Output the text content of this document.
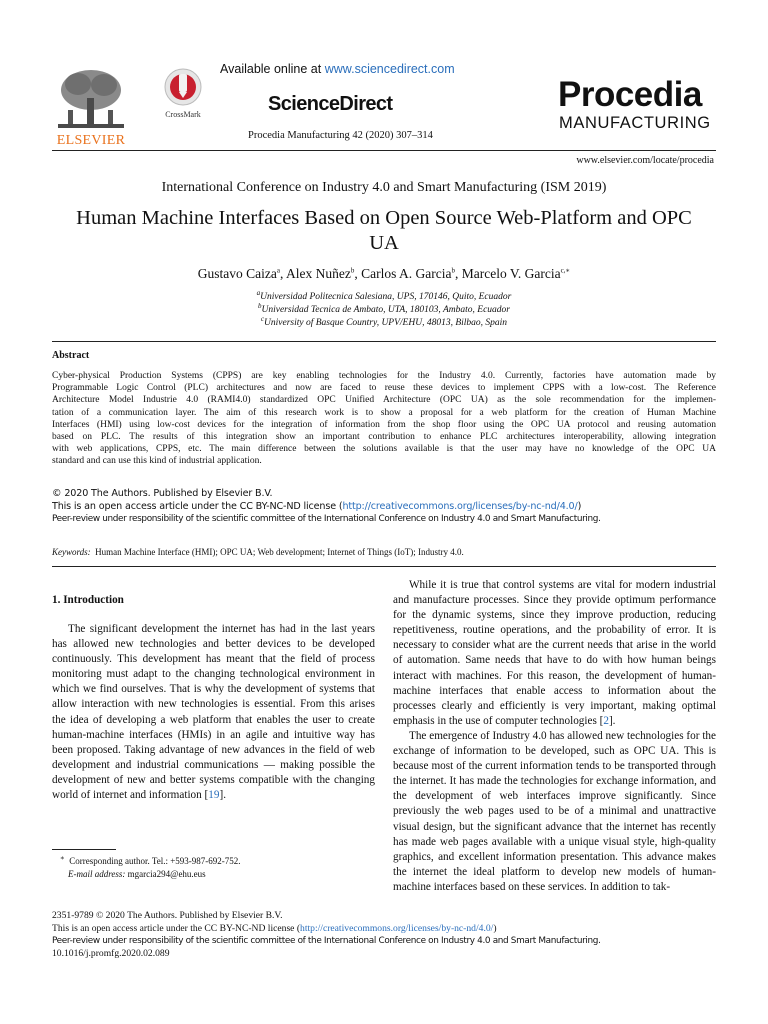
ELSEVIER
CrossMark
Available online at www.sciencedirect.com
ScienceDirect
Procedia Manufacturing 42 (2020) 307–314
Procedia
MANUFACTURING
www.elsevier.com/locate/procedia
International Conference on Industry 4.0 and Smart Manufacturing (ISM 2019)
Human Machine Interfaces Based on Open Source Web-Platform and OPC
UA
Gustavo Caiza$^a$, Alex Nuñez$^b$, Carlos A. Garcia$^b$, Marcelo V. Garcia$^{c,∗}$
$^a$Universidad Politecnica Salesiana, UPS, 170146, Quito, Ecuador
$^b$Universidad Tecnica de Ambato, UTA, 180103, Ambato, Ecuador
$^c$University of Basque Country, UPV/EHU, 48013, Bilbao, Spain
Abstract
Cyber-physical Production Systems (CPPS) are key enabling technologies for the Industry 4.0. Currently, factories have automation made by
Programmable Logic Control (PLC) architectures and now are faced to reuse these devices to implement CPPS with a low-cost. The Reference
Architecture Model Industrie 4.0 (RAMI4.0) standardized OPC Unified Architecture (OPC UA) as the sole recommendation for the implemen-
tation of a communication layer. The aim of this research work is to show a proposal for a web platform for the creation of Human Machine
Interfaces (HMI) using low-cost devices for the integration of information from the shop floor using the OPC UA protocol and reusing automation
based on PLC. The results of this integration show an important contribution to enhance PLC architectures interoperability, allowing integration
with web applications, CPPS, etc. The main difference between the solutions available is that the user may have no knowledge of the OPC UA
standard and can use this kind of industrial application.
© 2020 The Authors. Published by Elsevier B.V.
This is an open access article under the CC BY-NC-ND license (http://creativecommons.org/licenses/by-nc-nd/4.0/)
Peer-review under responsibility of the scientific committee of the International Conference on Industry 4.0 and Smart Manufacturing.
Keywords: Human Machine Interface (HMI); OPC UA; Web development; Internet of Things (IoT); Industry 4.0.
1. Introduction

The significant development the internet has had in the last years has allowed new technologies and better devices to be developed continuously. This development has meant that the field of process monitoring must adapt to the changing technological environment in which we find ourselves. That is why the development of systems that allow interaction with new technologies is essential. From this arises the idea of developing a web platform that enables the user to create human-machine interfaces (HMIs) in an agile and intuitive way has been proposed. Taking advantage of new advances in the field of web development and industrial communications — making possible the development of new and better systems compatible with the changing world of internet and information [19].

∗ Corresponding author. Tel.: +593-987-692-752.
E-mail address: mgarcia294@ehu.eus

While it is true that control systems are vital for modern industrial and manufacture processes. Since they provide optimum performance for the dynamic systems, since they improve production, reducing repetitiveness, routine operations, and the probability of error. It is necessary to consider what are the current needs that arise in the world of automation. Same needs that have to do with how human beings interact with machines. For this reason, the development of human-machine interfaces that enable access to information about the processes clearly and efficiently is very important, making optimal emphasis in the use of computer technologies [2].

The emergence of Industry 4.0 has allowed new technologies for the exchange of information to be developed, such as OPC UA. This is because most of the current information tends to be transported through the internet. It has made the technologies for exchange information, and the development of web interfaces improve significantly. Since previously the web pages used to be of a minimal and unattractive visual design, but the significant advance that the internet has recently has made web pages available with a unique visual style, high-quality graphics, and excellent information presentation. This advance makes the internet the ideal platform to develop new models of human-machine interfaces based on these services. In addition to tak-

2351-9789 © 2020 The Authors. Published by Elsevier B.V.
This is an open access article under the CC BY-NC-ND license (http://creativecommons.org/licenses/by-nc-nd/4.0/)
Peer-review under responsibility of the scientific committee of the International Conference on Industry 4.0 and Smart Manufacturing.
10.1016/j.promfg.2020.02.089
